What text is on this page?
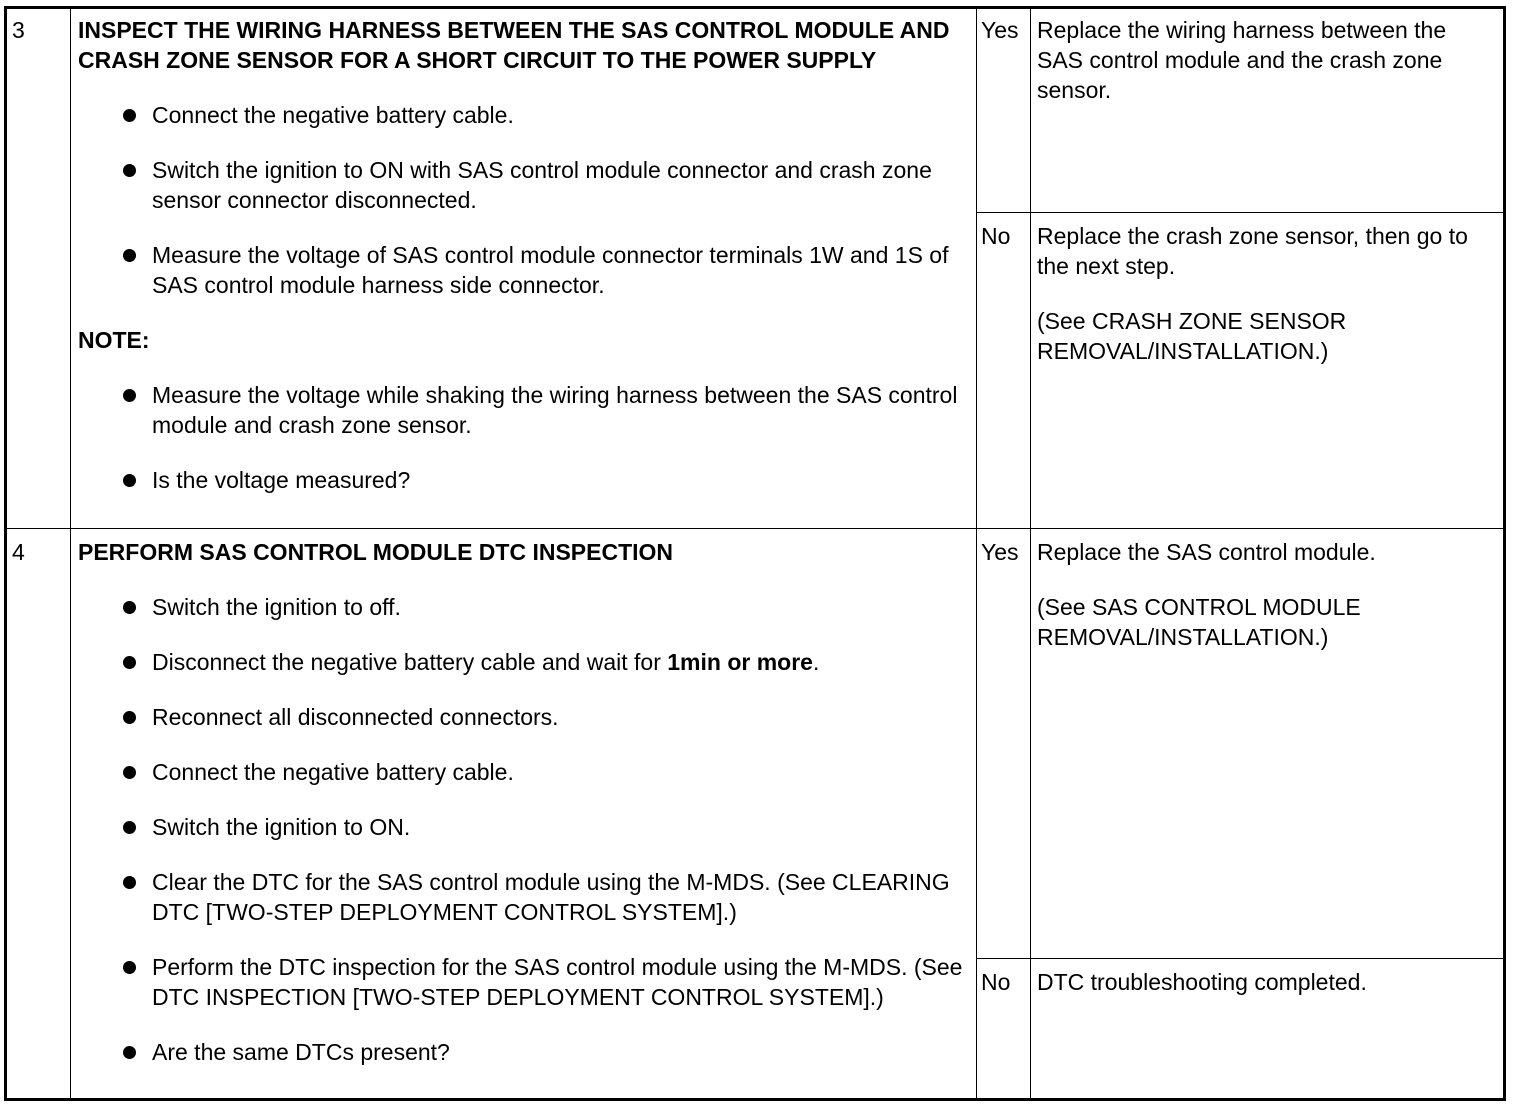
3 INSPECT THE WIRING HARNESS BETWEEN THE SAS CONTROL MODULE AND CRASH ZONE SENSOR FOR A SHORT CIRCUIT TO THE POWER SUPPLY

Connect the negative battery cable.
Switch the ignition to ON with SAS control module connector and crash zone sensor connector disconnected.
Measure the voltage of SAS control module connector terminals 1W and 1S of SAS control module harness side connector.
NOTE:
Measure the voltage while shaking the wiring harness between the SAS control module and crash zone sensor.
Is the voltage measured?
Yes Replace the wiring harness between the SAS control module and the crash zone sensor.

No Replace the crash zone sensor, then go to the next step.

(See CRASH ZONE SENSOR REMOVAL/INSTALLATION.)

4 PERFORM SAS CONTROL MODULE DTC INSPECTION

Switch the ignition to off.
Disconnect the negative battery cable and wait for 1min or more.
Reconnect all disconnected connectors.
Connect the negative battery cable.
Switch the ignition to ON.
Clear the DTC for the SAS control module using the M-MDS. (See CLEARING DTC [TWO-STEP DEPLOYMENT CONTROL SYSTEM].)
Perform the DTC inspection for the SAS control module using the M-MDS. (See DTC INSPECTION [TWO-STEP DEPLOYMENT CONTROL SYSTEM].)
Are the same DTCs present?
Yes Replace the SAS control module.

(See SAS CONTROL MODULE REMOVAL/INSTALLATION.)

No DTC troubleshooting completed.
